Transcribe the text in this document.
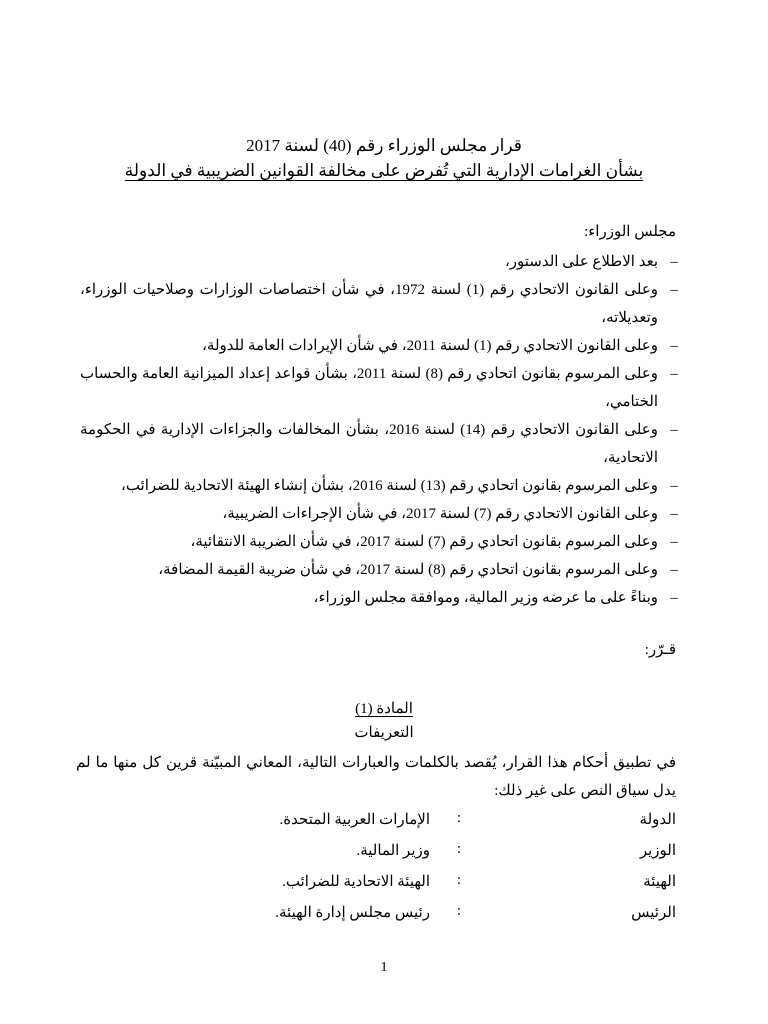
قرار مجلس الوزراء رقم (40) لسنة 2017
بشأن الغرامات الإدارية التي تُفرض على مخالفة القوانين الضريبية في الدولة
مجلس الوزراء:
–
بعد الاطلاع على الدستور،
–
وعلى القانون الاتحادي رقم (1) لسنة 1972، في شأن اختصاصات الوزارات وصلاحيات الوزراء، وتعديلاته،
–
وعلى القانون الاتحادي رقم (1) لسنة 2011، في شأن الإيرادات العامة للدولة،
–
وعلى المرسوم بقانون اتحادي رقم (8) لسنة 2011، بشأن قواعد إعداد الميزانية العامة والحساب الختامي،
–
وعلى القانون الاتحادي رقم (14) لسنة 2016، بشأن المخالفات والجزاءات الإدارية في الحكومة الاتحادية،
–
وعلى المرسوم بقانون اتحادي رقم (13) لسنة 2016، بشأن إنشاء الهيئة الاتحادية للضرائب،
–
وعلى القانون الاتحادي رقم (7) لسنة 2017، في شأن الإجراءات الضريبية،
–
وعلى المرسوم بقانون اتحادي رقم (7) لسنة 2017، في شأن الضريبة الانتقائية،
–
وعلى المرسوم بقانون اتحادي رقم (8) لسنة 2017، في شأن ضريبة القيمة المضافة،
–
وبناءً على ما عرضه وزير المالية، وموافقة مجلس الوزراء،
قـرّر:
المادة (1)
التعريفات
في تطبيق أحكام هذا القرار، يُقصد بالكلمات والعبارات التالية، المعاني المبيّنة قرين كل منها ما لم يدل سياق النص على غير ذلك:
الدولة
:
الإمارات العربية المتحدة.
الوزير
:
وزير المالية.
الهيئة
:
الهيئة الاتحادية للضرائب.
الرئيس
:
رئيس مجلس إدارة الهيئة.
1
